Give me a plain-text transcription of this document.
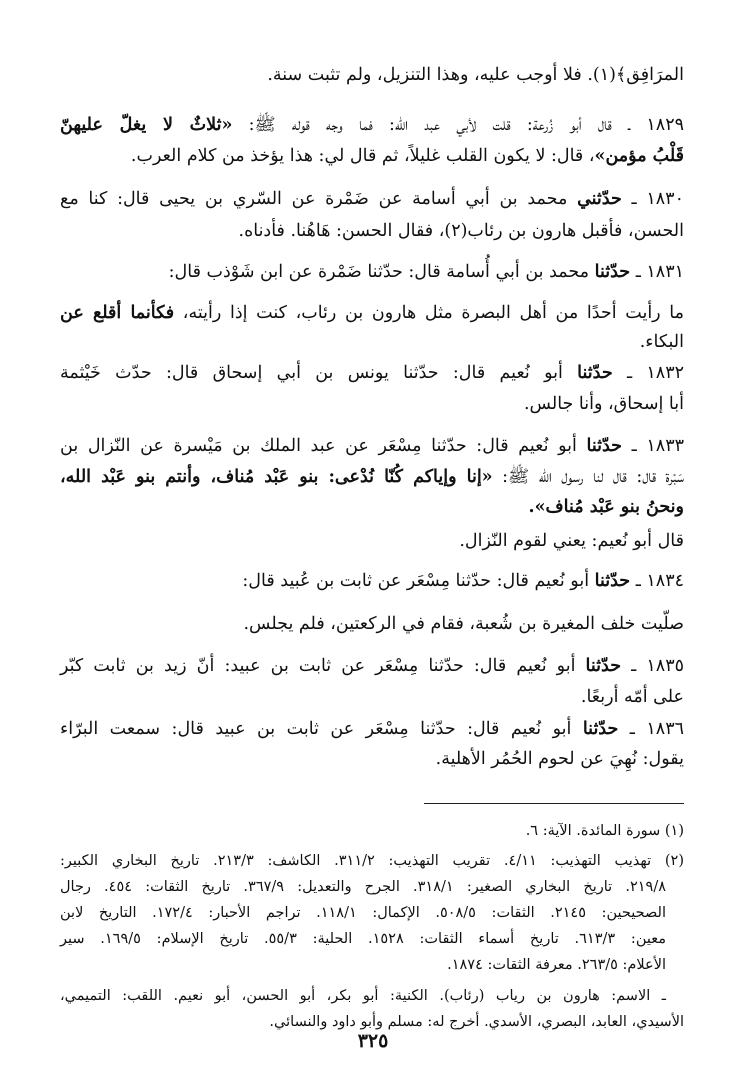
المرَافِق﴾(١). فلا أوجب عليه، وهذا التنزيل، ولم تثبت سنة.
١٨٢٩ ـ قال أبو زُرعة: قلت لأبي عبد الله: فما وجه قوله ﷺ: «ثلاثٌ لا يغلّ عليهنّ
قَلْبُ مؤمن»، قال: لا يكون القلب غليلاً، ثم قال لي: هذا يؤخذ من كلام العرب.
١٨٣٠ ـ حدّثني محمد بن أبي أسامة عن ضَمْرة عن السّري بن يحيى قال: كنا مع
الحسن، فأقبل هارون بن رئاب(٢)، فقال الحسن: هَاهُنا. فأدناه.
١٨٣١ ـ حدّثنا محمد بن أبي أُسامة قال: حدّثنا ضَمْرة عن ابن شَوْذب قال:
ما رأيت أحدًا من أهل البصرة مثل هارون بن رئاب، كنت إذا رأيته، فكأنما أقلع عن
البكاء.
١٨٣٢ ـ حدّثنا أبو نُعيم قال: حدّثنا يونس بن أبي إسحاق قال: حدّث خَيْثمة
أبا إسحاق، وأنا جالس.
١٨٣٣ ـ حدّثنا أبو نُعيم قال: حدّثنا مِسْعَر عن عبد الملك بن مَيْسرة عن النّزال بن
سَبْرة قال: قال لنا رسول الله ﷺ: «إنا وإياكم كُنّا نُدْعى: بنو عَبْد مُناف، وأنتم بنو عَبْد الله،
ونحنُ بنو عَبْد مُناف».
قال أبو نُعيم: يعني لقوم النّزال.
١٨٣٤ ـ حدّثنا أبو نُعيم قال: حدّثنا مِسْعَر عن ثابت بن عُبيد قال:
صلّيت خلف المغيرة بن شُعبة، فقام في الركعتين، فلم يجلس.
١٨٣٥ ـ حدّثنا أبو نُعيم قال: حدّثنا مِسْعَر عن ثابت بن عبيد: أنّ زيد بن ثابت كبّر
على أمّه أربعًا.
١٨٣٦ ـ حدّثنا أبو نُعيم قال: حدّثنا مِسْعَر عن ثابت بن عبيد قال: سمعت البرّاء
يقول: نُهِيَ عن لحوم الحُمُر الأهلية.
(١) سورة المائدة. الآية: ٦.
(٢) تهذيب التهذيب: ٤/١١. تقريب التهذيب: ٣١١/٢. الكاشف: ٢١٣/٣. تاريخ البخاري الكبير:
٢١٩/٨. تاريخ البخاري الصغير: ٣١٨/١. الجرح والتعديل: ٣٦٧/٩. تاريخ الثقات: ٤٥٤. رجال
الصحيحين: ٢١٤٥. الثقات: ٥٠٨/٥. الإكمال: ١١٨/١. تراجم الأحبار: ١٧٢/٤. التاريخ لابن
معين: ٦١٣/٣. تاريخ أسماء الثقات: ١٥٢٨. الحلية: ٥٥/٣. تاريخ الإسلام: ١٦٩/٥. سير
الأعلام: ٢٦٣/٥. معرفة الثقات: ١٨٧٤.
ـ الاسم: هارون بن رياب (رئاب). الكنية: أبو بكر، أبو الحسن، أبو نعيم. اللقب: التميمي،
الأسيدي، العابد، البصري، الأسدي. أخرج له: مسلم وأبو داود والنسائي.
٣٢٥
